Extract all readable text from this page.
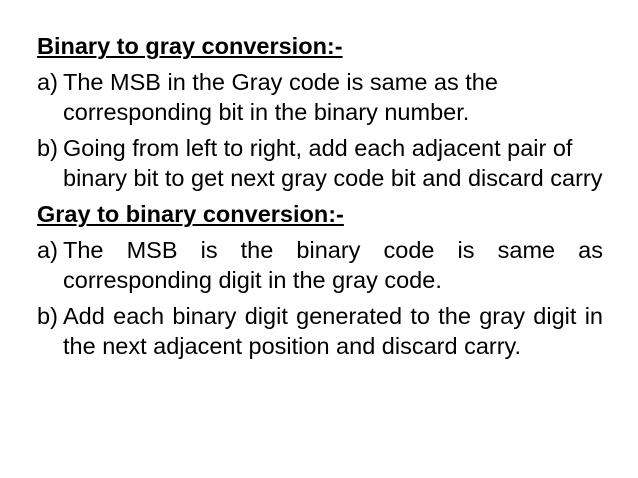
Binary to gray conversion:-
a) The MSB in the Gray code is same as the corresponding bit in the binary number.
b) Going from left to right, add each adjacent pair of binary bit to get next gray code bit and discard carry
Gray to binary conversion:-
a) The MSB is the binary code is same as corresponding digit in the gray code.
b) Add each binary digit generated to the gray digit in the next adjacent position and discard carry.
